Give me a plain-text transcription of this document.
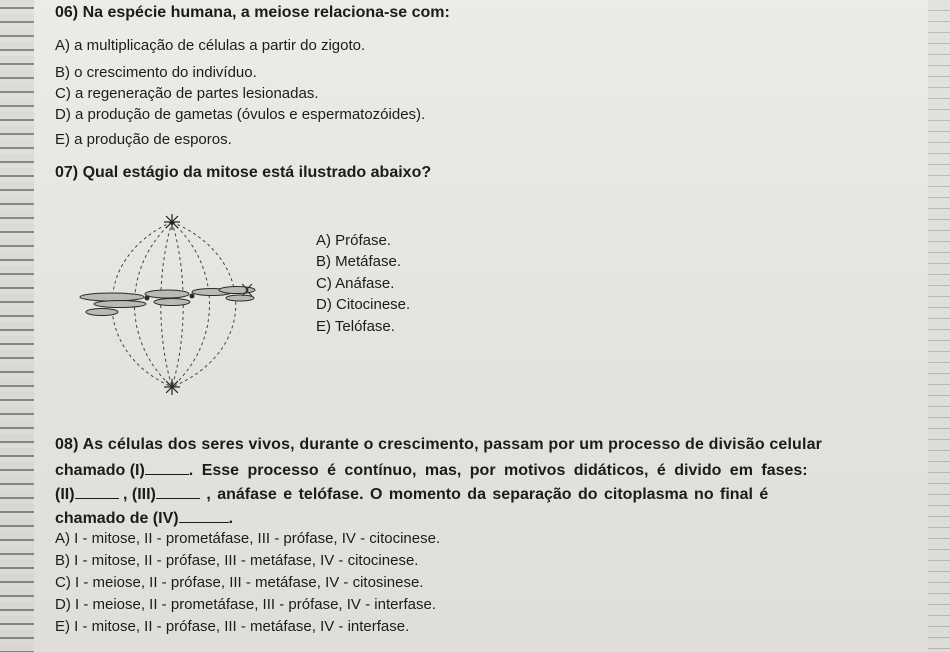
06) Na espécie humana, a meiose relaciona-se com:
A) a multiplicação de células a partir do zigoto.
B) o crescimento do indivíduo.
C) a regeneração de partes lesionadas.
D) a produção de gametas (óvulos e espermatozóides).
E) a produção de esporos.
07) Qual estágio da mitose está ilustrado abaixo?
A) Prófase.
B) Metáfase.
C) Anáfase.
D) Citocinese.
E) Telófase.
08) As células dos seres vivos, durante o crescimento, passam por um processo de divisão celular
chamado (I)	. Esse processo é contínuo, mas, por motivos didáticos, é divido em fases:
(II)	, (III)	, anáfase e telófase. O momento da separação do citoplasma no final é
chamado de (IV)	.
A) I - mitose, II - prometáfase, III - prófase, IV - citocinese.
B) I - mitose, II - prófase, III - metáfase, IV - citocinese.
C) I - meiose, II - prófase, III - metáfase, IV - citosinese.
D) I - meiose, II - prometáfase, III - prófase, IV - interfase.
E) I - mitose, II - prófase, III - metáfase, IV - interfase.
